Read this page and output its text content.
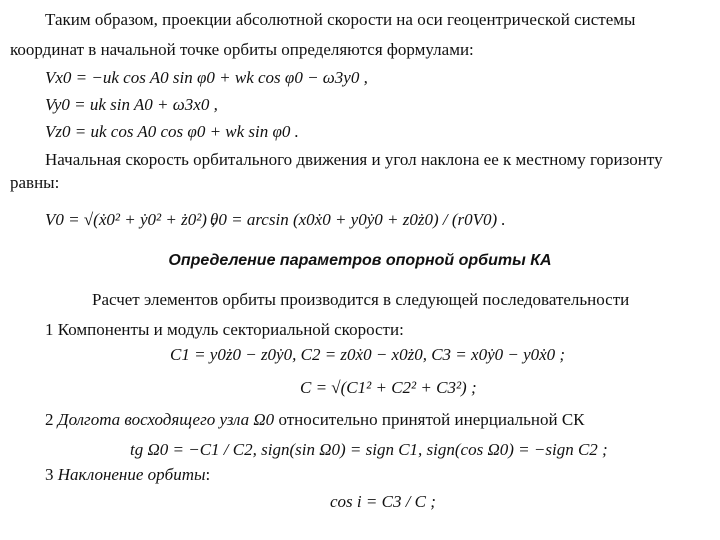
Таким образом, проекции абсолютной скорости на оси геоцентрической системы
координат в начальной точке орбиты определяются формулами:
Vx0 = −uk cos A0 sin φ0 + wk cos φ0 − ω3y0 ,
Vy0 = uk sin A0 + ω3x0 ,
Vz0 = uk cos A0 cos φ0 + wk sin φ0 .
Начальная скорость орбитального движения и угол наклона ее к местному горизонту
равны:
V0 = √(ẋ0² + ẏ0² + ż0²) ,
θ0 = arcsin (x0ẋ0 + y0ẏ0 + z0ż0) / (r0V0) .
Определение параметров опорной орбиты КА
Расчет элементов орбиты производится в следующей последовательности
1 Компоненты и модуль секториальной скорости:
C1 = y0ż0 − z0ẏ0, C2 = z0ẋ0 − x0ż0, C3 = x0ẏ0 − y0ẋ0 ;
C = √(C1² + C2² + C3²) ;
2 Долгота восходящего узла Ω0 относительно принятой инерциальной СК
tg Ω0 = −C1 / C2, sign(sin Ω0) = sign C1, sign(cos Ω0) = −sign C2 ;
3 Наклонение орбиты:
cos i = C3 / C ;
